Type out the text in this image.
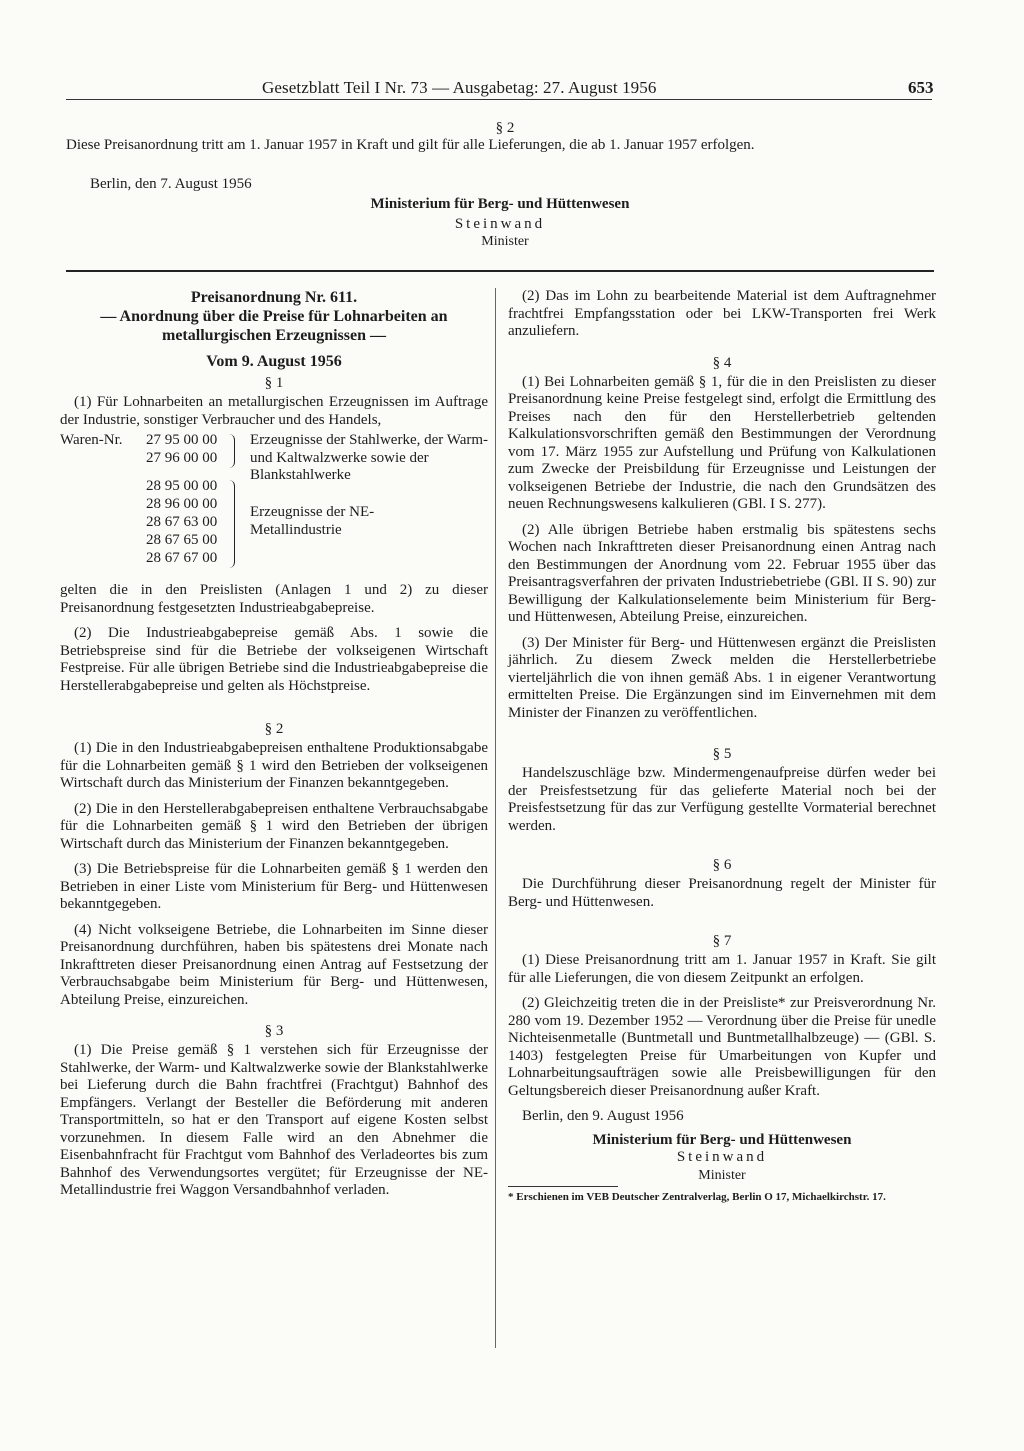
Gesetzblatt Teil I Nr. 73 — Ausgabetag: 27. August 1956	653
§ 2

Diese Preisanordnung tritt am 1. Januar 1957 in Kraft und gilt für alle Lieferungen, die ab 1. Januar 1957 erfolgen.

Berlin, den 7. August 1956
Ministerium für Berg- und Hüttenwesen
Steinwand
Minister
Preisanordnung Nr. 611.
— Anordnung über die Preise für Lohnarbeiten an metallurgischen Erzeugnissen —
Vom 9. August 1956
§ 1

(1) Für Lohnarbeiten an metallurgischen Erzeugnissen im Auftrage der Industrie, sonstiger Verbraucher und des Handels,

Waren-Nr. 27 95 00 00
27 96 00 00
Erzeugnisse der Stahlwerke, der Warm- und Kaltwalzwerke sowie der Blankstahlwerke
28 95 00 00
28 96 00 00
28 67 63 00
28 67 65 00
28 67 67 00
Erzeugnisse der NE-Metallindustrie

gelten die in den Preislisten (Anlagen 1 und 2) zu dieser Preisanordnung festgesetzten Industrieabgabepreise.

(2) Die Industrieabgabepreise gemäß Abs. 1 sowie die Betriebspreise sind für die Betriebe der volkseigenen Wirtschaft Festpreise. Für alle übrigen Betriebe sind die Industrieabgabepreise die Herstellerabgabepreise und gelten als Höchstpreise.

§ 2

(1) Die in den Industrieabgabepreisen enthaltene Produktionsabgabe für die Lohnarbeiten gemäß § 1 wird den Betrieben der volkseigenen Wirtschaft durch das Ministerium der Finanzen bekanntgegeben.

(2) Die in den Herstellerabgabepreisen enthaltene Verbrauchsabgabe für die Lohnarbeiten gemäß § 1 wird den Betrieben der übrigen Wirtschaft durch das Ministerium der Finanzen bekanntgegeben.

(3) Die Betriebspreise für die Lohnarbeiten gemäß § 1 werden den Betrieben in einer Liste vom Ministerium für Berg- und Hüttenwesen bekanntgegeben.

(4) Nicht volkseigene Betriebe, die Lohnarbeiten im Sinne dieser Preisanordnung durchführen, haben bis spätestens drei Monate nach Inkrafttreten dieser Preisanordnung einen Antrag auf Festsetzung der Verbrauchsabgabe beim Ministerium für Berg- und Hüttenwesen, Abteilung Preise, einzureichen.

§ 3

(1) Die Preise gemäß § 1 verstehen sich für Erzeugnisse der Stahlwerke, der Warm- und Kaltwalzwerke sowie der Blankstahlwerke bei Lieferung durch die Bahn frachtfrei (Frachtgut) Bahnhof des Empfängers. Verlangt der Besteller die Beförderung mit anderen Transportmitteln, so hat er den Transport auf eigene Kosten selbst vorzunehmen. In diesem Falle wird an den Abnehmer die Eisenbahnfracht für Frachtgut vom Bahnhof des Verladeortes bis zum Bahnhof des Verwendungsortes vergütet; für Erzeugnisse der NE-Metallindustrie frei Waggon Versandbahnhof verladen.

(2) Das im Lohn zu bearbeitende Material ist dem Auftragnehmer frachtfrei Empfangsstation oder bei LKW-Transporten frei Werk anzuliefern.

§ 4

(1) Bei Lohnarbeiten gemäß § 1, für die in den Preislisten zu dieser Preisanordnung keine Preise festgelegt sind, erfolgt die Ermittlung des Preises nach den für den Herstellerbetrieb geltenden Kalkulationsvorschriften gemäß den Bestimmungen der Verordnung vom 17. März 1955 zur Aufstellung und Prüfung von Kalkulationen zum Zwecke der Preisbildung für Erzeugnisse und Leistungen der volkseigenen Betriebe der Industrie, die nach den Grundsätzen des neuen Rechnungswesens kalkulieren (GBl. I S. 277).

(2) Alle übrigen Betriebe haben erstmalig bis spätestens sechs Wochen nach Inkrafttreten dieser Preisanordnung einen Antrag nach den Bestimmungen der Anordnung vom 22. Februar 1955 über das Preisantragsverfahren der privaten Industriebetriebe (GBl. II S. 90) zur Bewilligung der Kalkulationselemente beim Ministerium für Berg- und Hüttenwesen, Abteilung Preise, einzureichen.

(3) Der Minister für Berg- und Hüttenwesen ergänzt die Preislisten jährlich. Zu diesem Zweck melden die Herstellerbetriebe vierteljährlich die von ihnen gemäß Abs. 1 in eigener Verantwortung ermittelten Preise. Die Ergänzungen sind im Einvernehmen mit dem Minister der Finanzen zu veröffentlichen.

§ 5

Handelszuschläge bzw. Mindermengenaufpreise dürfen weder bei der Preisfestsetzung für das gelieferte Material noch bei der Preisfestsetzung für das zur Verfügung gestellte Vormaterial berechnet werden.

§ 6

Die Durchführung dieser Preisanordnung regelt der Minister für Berg- und Hüttenwesen.

§ 7

(1) Diese Preisanordnung tritt am 1. Januar 1957 in Kraft. Sie gilt für alle Lieferungen, die von diesem Zeitpunkt an erfolgen.

(2) Gleichzeitig treten die in der Preisliste* zur Preisverordnung Nr. 280 vom 19. Dezember 1952 — Verordnung über die Preise für unedle Nichteisenmetalle (Buntmetall und Buntmetallhalbzeuge) — (GBl. S. 1403) festgelegten Preise für Umarbeitungen von Kupfer und Lohnarbeitungsaufträgen sowie alle Preisbewilligungen für den Geltungsbereich dieser Preisanordnung außer Kraft.

Berlin, den 9. August 1956
Ministerium für Berg- und Hüttenwesen
Steinwand
Minister
* Erschienen im VEB Deutscher Zentralverlag, Berlin O 17, Michaelkirchstr. 17.
